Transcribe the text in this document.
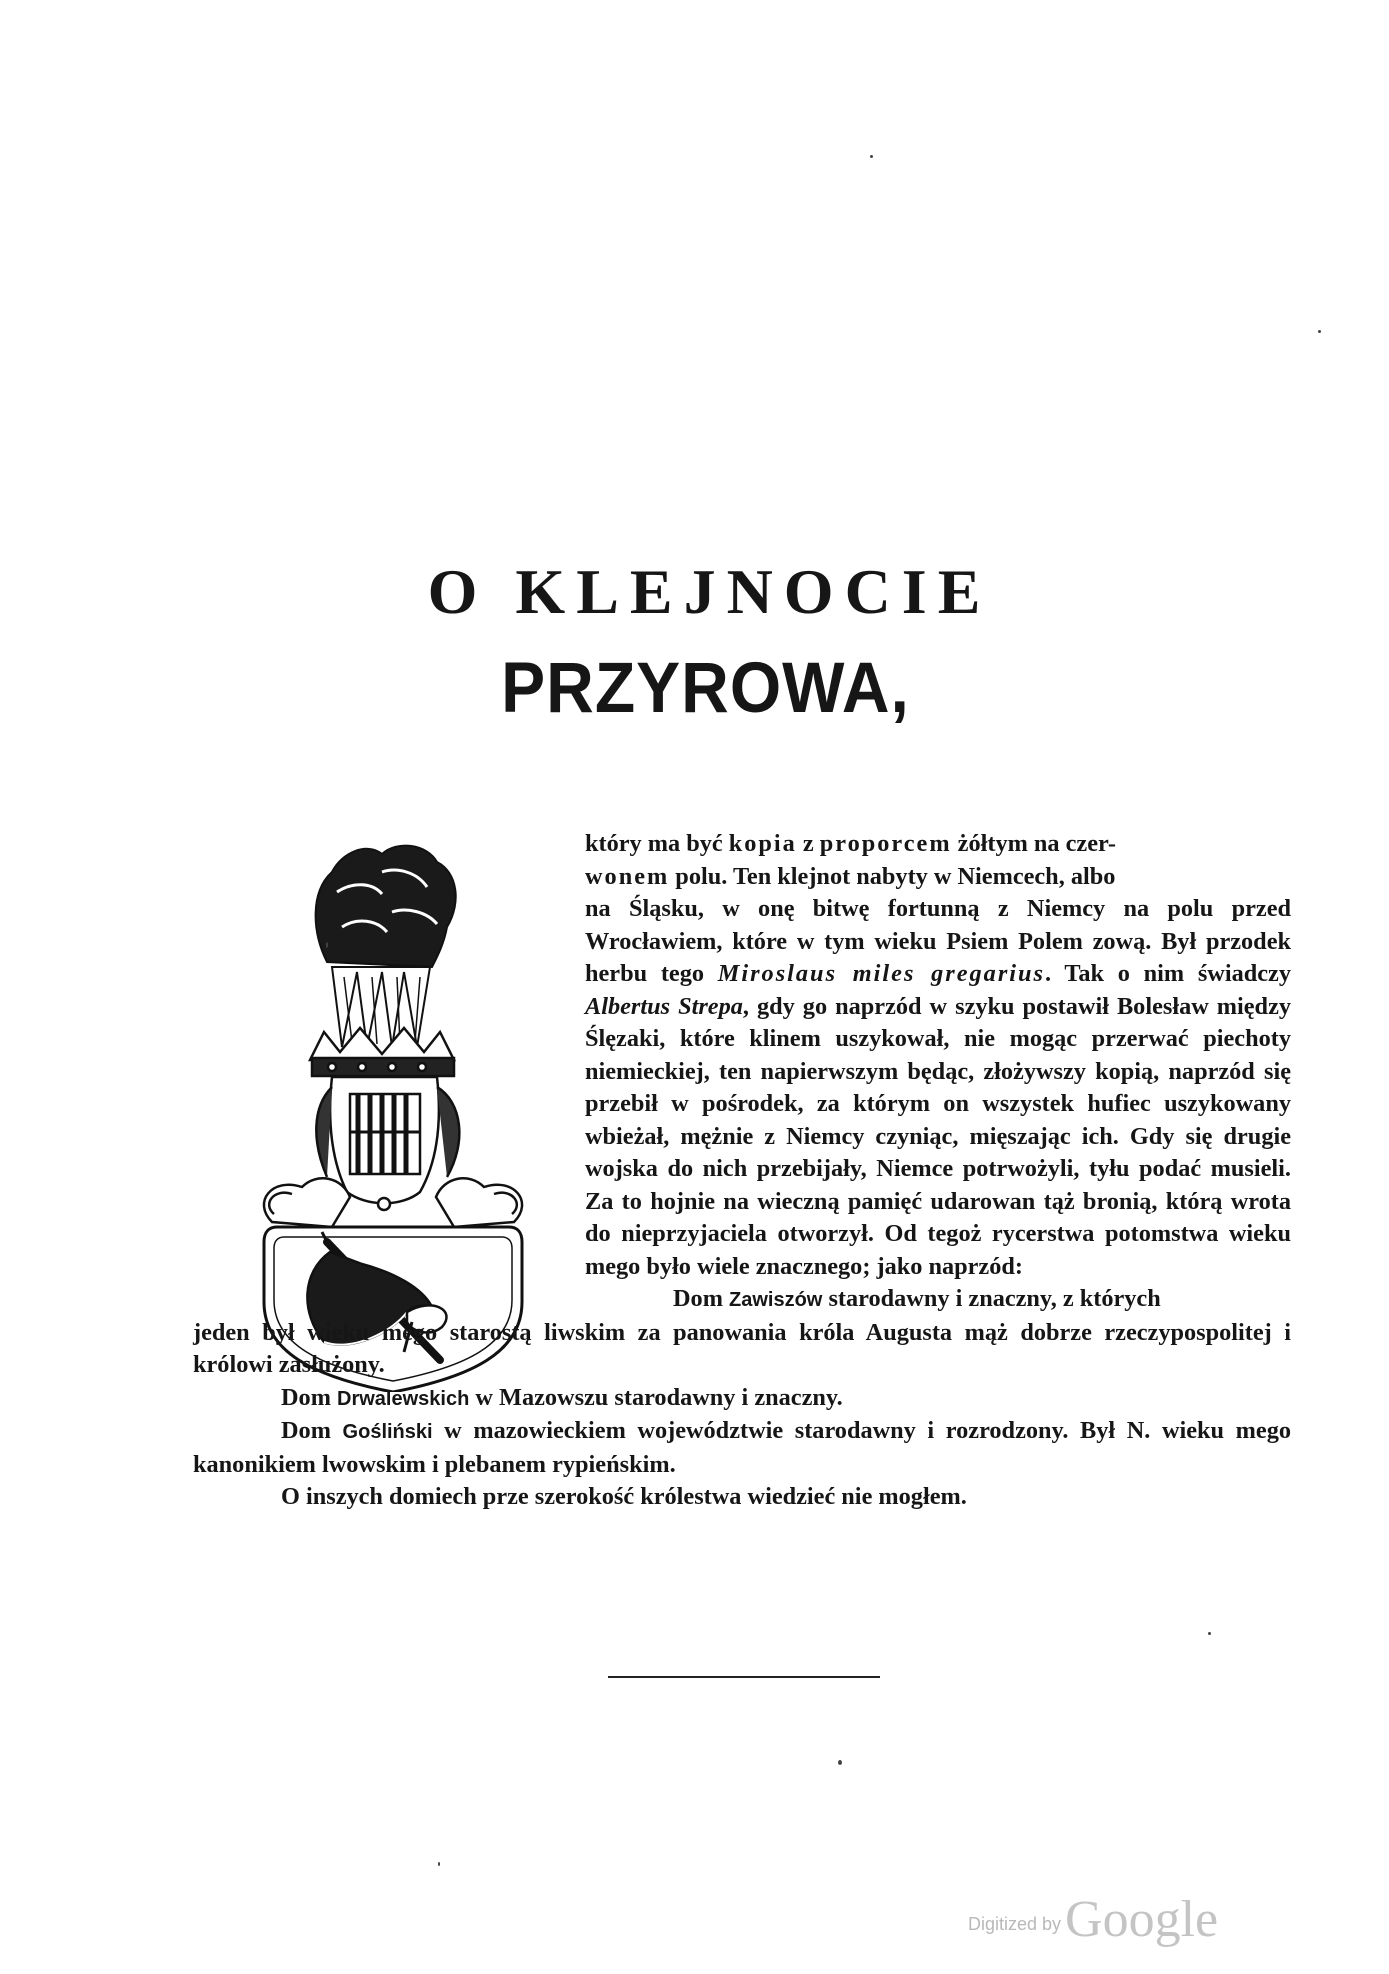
O KLEJNOCIE
PRZYROWA,

który ma być kopia z proporcem żółtym na czer-

wonem polu. Ten klejnot nabyty w Niemcech, albo

na Śląsku, w onę bitwę fortunną z Niemcy na polu przed Wrocławiem, które w tym wieku Psiem Polem zową. Był przodek herbu tego Miroslaus miles gregarius. Tak o nim świadczy Albertus Strepa, gdy go naprzód w szyku postawił Bolesław między Ślęzaki, które klinem uszykował, nie mogąc przerwać piechoty niemieckiej, ten napierwszym będąc, złożywszy kopią, naprzód się przebił w pośrodek, za którym on wszystek hufiec uszykowany wbieżał, mężnie z Niemcy czyniąc, mięszając ich. Gdy się drugie wojska do nich przebijały, Niemce potrwożyli, tyłu podać musieli. Za to hojnie na wieczną pamięć udarowan tąż bronią, którą wrota do nieprzyjaciela otworzył. Od tegoż rycerstwa potomstwa wieku mego było wiele znacznego; jako naprzód:

Dom Zawiszów starodawny i znaczny, z których

jeden był wieku mego starostą liwskim za panowania króla Augusta mąż dobrze rzeczypospolitej i królowi zasłużony.

Dom Drwalewskich w Mazowszu starodawny i znaczny.

Dom Gośliński w mazowieckiem województwie starodawny i rozrodzony. Był N. wieku mego kanonikiem lwowskim i plebanem rypieńskim.

O inszych domiech prze szerokość królestwa wiedzieć nie mogłem.

Digitized by Google
